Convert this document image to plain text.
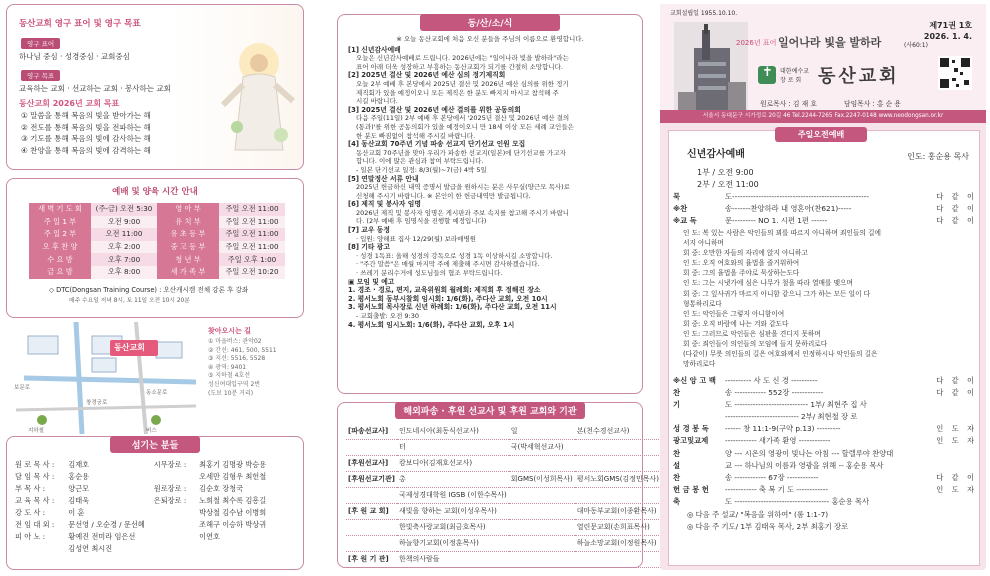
동산교회 영구 표어 및 영구 목표
영구 표어
하나님 중심 · 성경중심 · 교회중심
영구 목표
교육하는 교회 · 선교하는 교회 · 봉사하는 교회
동산교회 2026년 교회 목표
① 말씀을 통해 복음의 빛을 받아가는 해
② 전도를 통해 복음의 빛을 전파하는 해
③ 기도를 통해 복음의 빛에 감사하는 해
④ 찬양을 통해 복음의 빛에 감격하는 해
예배 및 양육 시간 안내
새 벽 기 도 회	(주-금) 오전 5:30	영 아 부	주일 오전 11:00
주 일 1 부	오전 9:00	유 치 부	주일 오전 11:00
주 일 2 부	오전 11:00	유 초 등 부	주일 오전 11:00
오 후 찬 양	오후 2:00	중 고 등 부	주일 오전 11:00
수 요 밤	오후 7:00	청 년 부	주일 오후 1:00
금 요 밤	오후 8:00	새 가 족 부	주일 오전 10:20
◇ DTC(Dongsan Training Course) : 오산캐시캠 전체 강론 후 강좌
매주 수요일 저녁 8시, 토 11일 오전 10시 20분
동산교회
보문로
창경궁로
동소문로
지하철	버스
찾아오시는 길
① 마을버스: 관악02
② 간선: 461, 500, 5511
③ 지선: 5516, 5528
④ 광역: 9401
⑤ 지하철 4호선
성신여대입구역 2번
(도보 10분 거리)
섬기는 분들
원 로 목 사 :	김재호	시무장로 :	최홍기 김명광 박승용
담 임 목 사 :	홍순용		오세만 김형우 최헌철
부 목 사 :	양근모	원로장로 :	김순호 장청국
교 육 목 사 :	김태욱	은퇴장로 :	노희철 최수록 김흥길
강 도 사 :	이 훈		박상철 김수남 이병희
전 임 대 외 :	문선영 / 오순경 / 문선혜		조해구 이승하 박상귀
피 아 노 :	황예진 전미라 임은선		이연호
	김성연 최시진		
동/산/소/식
※ 오늘 동산교회에 처음 오신 분들을 주님의 이름으로 환영합니다.
[1] 신년감사예배
오늘은 신년감사예배로 드립니다. 2026년에는 "일어나라 빛을 발하라"라는
표어 아래 더욱 성장하고 부흥하는 동산교회가 되기를 간절히 소망합니다.
[2] 2025년 결산 및 2026년 예산 심의 정기제직회
오늘 2부 예배 후 본당에서 2025년 결산 및 2026년 예산 심의를 위한 정기
제직회가 있을 예정이오니 모든 제직은 한 분도 빠지지 마시고 참석해 주
시길 바랍니다.
[3] 2025년 결산 및 2026년 예산 결의를 위한 공동의회
다음 주일(11일) 2부 예배 후 본당에서 '2025년 결산 및 2026년 예산 결의
(통과)'를 위한 공동의회가 있을 예정이오니 만 18세 이상 모든 세례 교인들은
한 분도 빠짐없이 참석해 주시길 바랍니다.
[4] 동산교회 70주년 기념 파송 선교지 단기선교 인원 모집
동산교회 70주년을 맞아 우리가 파송한 선교지(일본)에 단기선교를 가고자
합니다. 이에 많은 관심과 참여 부탁드립니다.
- 일본 단기선교 일정: 8/3(월)~7(금) 4박 5일
[5] 연말정산 서류 안내
2025년 헌금하신 내역 증명서 발급을 원하시는 분은 사무실(양근모 목사)로
신청해 주시기 바랍니다. ※ 본인이 한 헌금내역만 발급됩니다.
[6] 제직 및 봉사자 임명
2026년 제직 및 봉사자 임명은 게시판과 주보 속지를 참고해 주시기 바랍니
다. (2부 예배 후 임명식을 진행할 예정입니다)
[7] 교우 동정
· 입원: 양해표 집사 12/29(월) 보라매병원
[8] 기타 광고
· 성경 1독표: 올해 성경의 강독으로 성경 1독 이상하시길 소망합니다.
· "주간 말씀"은 매월 마지막 주에 제출해 주시면 감사하겠습니다.
· 쓰레기 분리수거에 성도님들의 협조 부탁드립니다.
▣ 모임 및 예고
1. 경조 · 경로, 편지, 교육위원회 월례회: 제직회 후 정해진 장소
2. 평서노회 동부시찰회 임시회: 1/6(화), 주다산 교회, 오전 10시
3. 평서노회 목사장로 신년 하례회: 1/6(화), 주다산 교회, 오전 11시
- 교회출발: 오전 9:30
4. 평서노회 임시노회: 1/6(화), 주다산 교회, 오후 1시
해외파송 · 후원 선교사 및 후원 교회와 기관
[파송선교사]	인도네시아(최동식선교사)	일	본(천수경선교사)
	터	국(박세혁선교사)	
[후원선교사]	캄보디아(김재호선교사)		
[후원선교기관]	총	회GMS(이성희목사)	평서노회GMS(김정민목사)
	국제성경대학원 IGSB (이한수목사)		
[후 원 교 회]	새빛을 향하는 교회(이성우목사)		대마동부교회(이종환목사)
	한빛축사랑교회(최금호목사)		열린문교회(손희표목사)
	하늘향기교회(이정훈목사)		하늘소망교회(이정원목사)
[후 원 기 관]	한책의사람들		
교회설립일 1955.10.10.
제71권 1호
2026. 1. 4.
2026년 표어 일어나라 빛을 발하라	(사60:1)
✝ 대한예수교
장 로 회 동산교회
원로목사 : 김 재 호	담임목사 : 홍 순 용
서울시 동대문구 시가정로 20길 46 Tel.2244-7265 Fax.2247-0148 www.neodongsan.or.kr
주일오전예배
신년감사예배	인도: 홍순용 목사
1부 / 오전 9:00
2부 / 오전 11:00
묵	도----------------------------------------------------	다 같 이
※찬	송-------찬양하라 내 영혼아(찬621)-----	다 같 이
※교 독	문--------- NO 1. 시편 1편 ------	다 같 이
인 도: 복 있는 사람은 악인들의 꾀를 따르지 아니하며 죄인들의 길에
서지 아니하며
회 중: 오만한 자들의 자리에 앉지 아니하고
인 도: 오직 여호와의 율법을 즐거워하여
회 중: 그의 율법을 주야로 묵상하는도다
인 도: 그는 시냇가에 심은 나무가 철을 따라 열매를 맺으며
회 중: 그 잎사귀가 마르지 아니함 같으니 그가 하는 모든 일이 다
형통하리로다
인 도: 악인들은 그렇지 아니함이여
회 중: 오직 바람에 나는 겨와 같도다
인 도: 그러므로 악인들은 심판을 견디지 못하며
회 중: 죄인들이 의인들의 모임에 들지 못하리로다
(다같이) 무릇 의인들의 길은 여호와께서 인정하시나 악인들의 길은
망하리로다
※신 앙 고 백 ---------- 사 도 신 경 ----------	다 같 이
찬	송 ------------ 552장 ------------	다 같 이
기	도 ---------------------------- 1부/ 최현주 집 사
---------------------------- 2부/ 최현철 장 로
성 경 봉 독 ------ 창 11:1-9(구약 p.13) ---------	인 도 자
광고및교제 ------------ 새가족 환영 ------------	인 도 자
찬	양 --- 시온의 영광이 빛나는 아침 --- 할렐루야 찬양대
설	교 --- 하나님의 이름과 영광을 위해 -- 홍순용 목사
찬	송 ------------ 67장 ------------	다 같 이
헌 금 봉 헌 ------------ 축 복 기 도 ------------	인 도 자
축	도 ------------------------------------ 홍순용 목사
◎ 다음 주 설교/ "복음을 위하여" (롬 1:1-7)
◎ 다음 주 기도/ 1부 김태욱 목사, 2부 최홍기 장로
